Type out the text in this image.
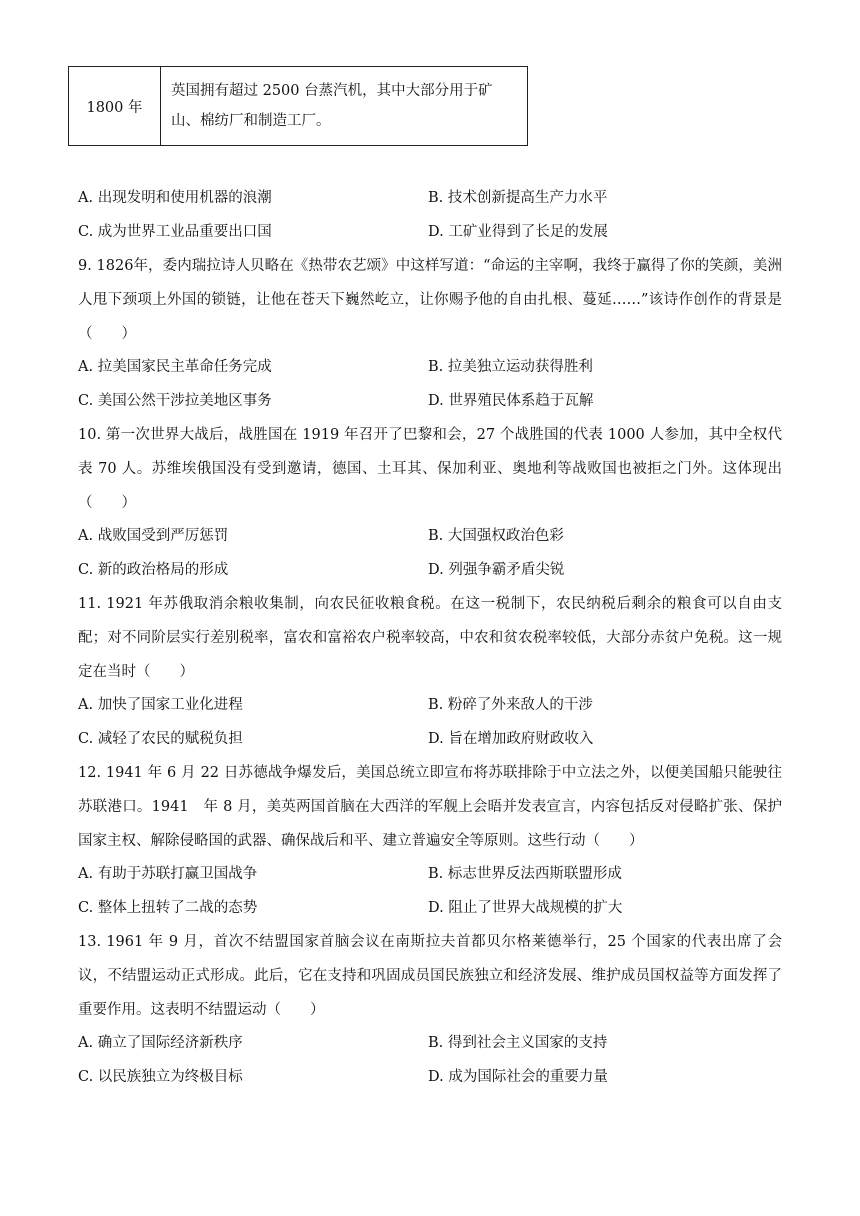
1800 年	英国拥有超过 2500 台蒸汽机，其中大部分用于矿山、棉纺厂和制造工厂。
A. 出现发明和使用机器的浪潮	B. 技术创新提高生产力水平
C. 成为世界工业品重要出口国	D. 工矿业得到了长足的发展

9. 1826年，委内瑞拉诗人贝略在《热带农艺颂》中这样写道：“命运的主宰啊，我终于赢得了你的笑颜，美洲人甩下颈项上外国的锁链，让他在苍天下巍然屹立，让你赐予他的自由扎根、蔓延……”该诗作创作的背景是（　　）

A. 拉美国家民主革命任务完成	B. 拉美独立运动获得胜利
C. 美国公然干涉拉美地区事务	D. 世界殖民体系趋于瓦解

10. 第一次世界大战后，战胜国在 1919 年召开了巴黎和会，27 个战胜国的代表 1000 人参加，其中全权代表 70 人。苏维埃俄国没有受到邀请，德国、土耳其、保加利亚、奥地利等战败国也被拒之门外。这体现出（　　）

A. 战败国受到严厉惩罚	B. 大国强权政治色彩
C. 新的政治格局的形成	D. 列强争霸矛盾尖锐

11. 1921 年苏俄取消余粮收集制，向农民征收粮食税。在这一税制下，农民纳税后剩余的粮食可以自由支配；对不同阶层实行差别税率，富农和富裕农户税率较高，中农和贫农税率较低，大部分赤贫户免税。这一规定在当时（　　）

A. 加快了国家工业化进程	B. 粉碎了外来敌人的干涉
C. 减轻了农民的赋税负担	D. 旨在增加政府财政收入

12. 1941 年 6 月 22 日苏德战争爆发后，美国总统立即宣布将苏联排除于中立法之外，以便美国船只能驶往苏联港口。1941　年 8 月，美英两国首脑在大西洋的军舰上会晤并发表宣言，内容包括反对侵略扩张、保护国家主权、解除侵略国的武器、确保战后和平、建立普遍安全等原则。这些行动（　　）

A. 有助于苏联打赢卫国战争	B. 标志世界反法西斯联盟形成
C. 整体上扭转了二战的态势	D. 阻止了世界大战规模的扩大

13. 1961 年 9 月，首次不结盟国家首脑会议在南斯拉夫首都贝尔格莱德举行，25 个国家的代表出席了会议，不结盟运动正式形成。此后，它在支持和巩固成员国民族独立和经济发展、维护成员国权益等方面发挥了重要作用。这表明不结盟运动（　　）

A. 确立了国际经济新秩序	B. 得到社会主义国家的支持
C. 以民族独立为终极目标	D. 成为国际社会的重要力量
